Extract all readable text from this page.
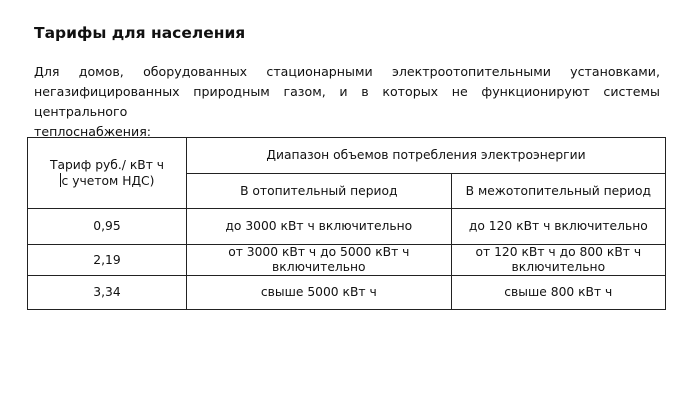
Тарифы для населения
Для домов, оборудованных стационарными электроотопительными установками,
негазифицированных природным газом, и в которых не функционируют системы центрального
теплоснабжения:
Тариф руб./ кВт ч
с учетом НДС)	Диапазон объемов потребления электроэнергии	
	В отопительный период	В межотопительный период
0,95	до 3000 кВт ч включительно	до 120 кВт ч включительно
2,19	от 3000 кВт ч до 5000 кВт ч включительно	от 120 кВт ч до 800 кВт ч включительно
3,34	свыше 5000 кВт ч	свыше 800 кВт ч
